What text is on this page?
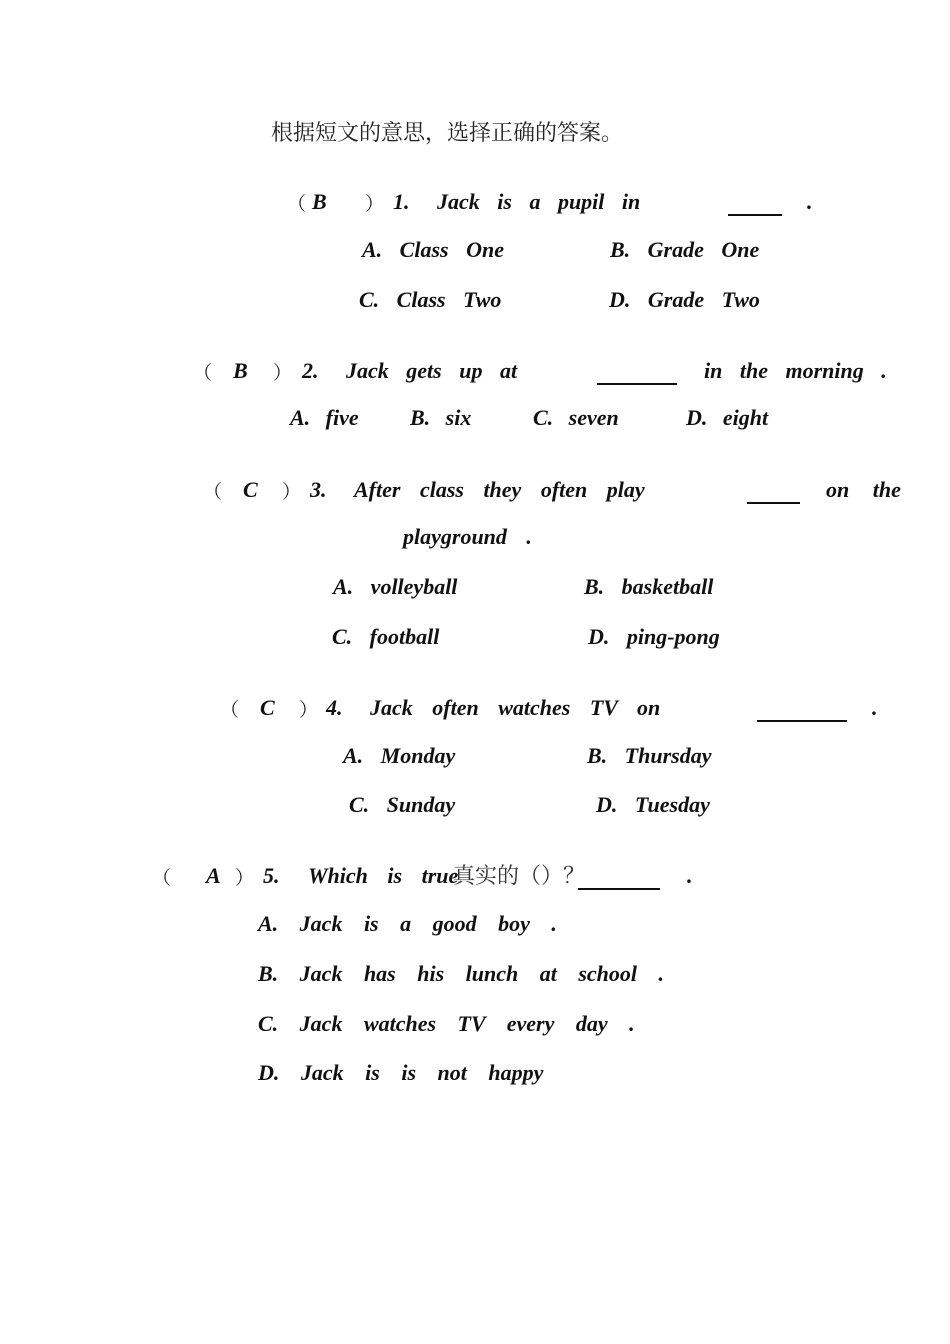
根据短文的意思，选择正确的答案。
（ B ） 1. Jack is a pupil in	.
A. Class One	B. Grade One
C. Class Two	D. Grade Two
（ B ） 2. Jack gets up at	in the morning .
A. five B. six	C. seven	D. eight
（ C ） 3. After class they often play	on the
playground .
A. volleyball	B. basketball
C. football	D. ping-pong
（ C ） 4. Jack often watches TV on	.
A. Monday	B. Thursday
C. Sunday	D. Tuesday
（ A ） 5. Which is true
真实的（）？	.
A. Jack is a good boy .
B. Jack has his lunch at school .
C. Jack watches TV every day .
D. Jack is is not happy
